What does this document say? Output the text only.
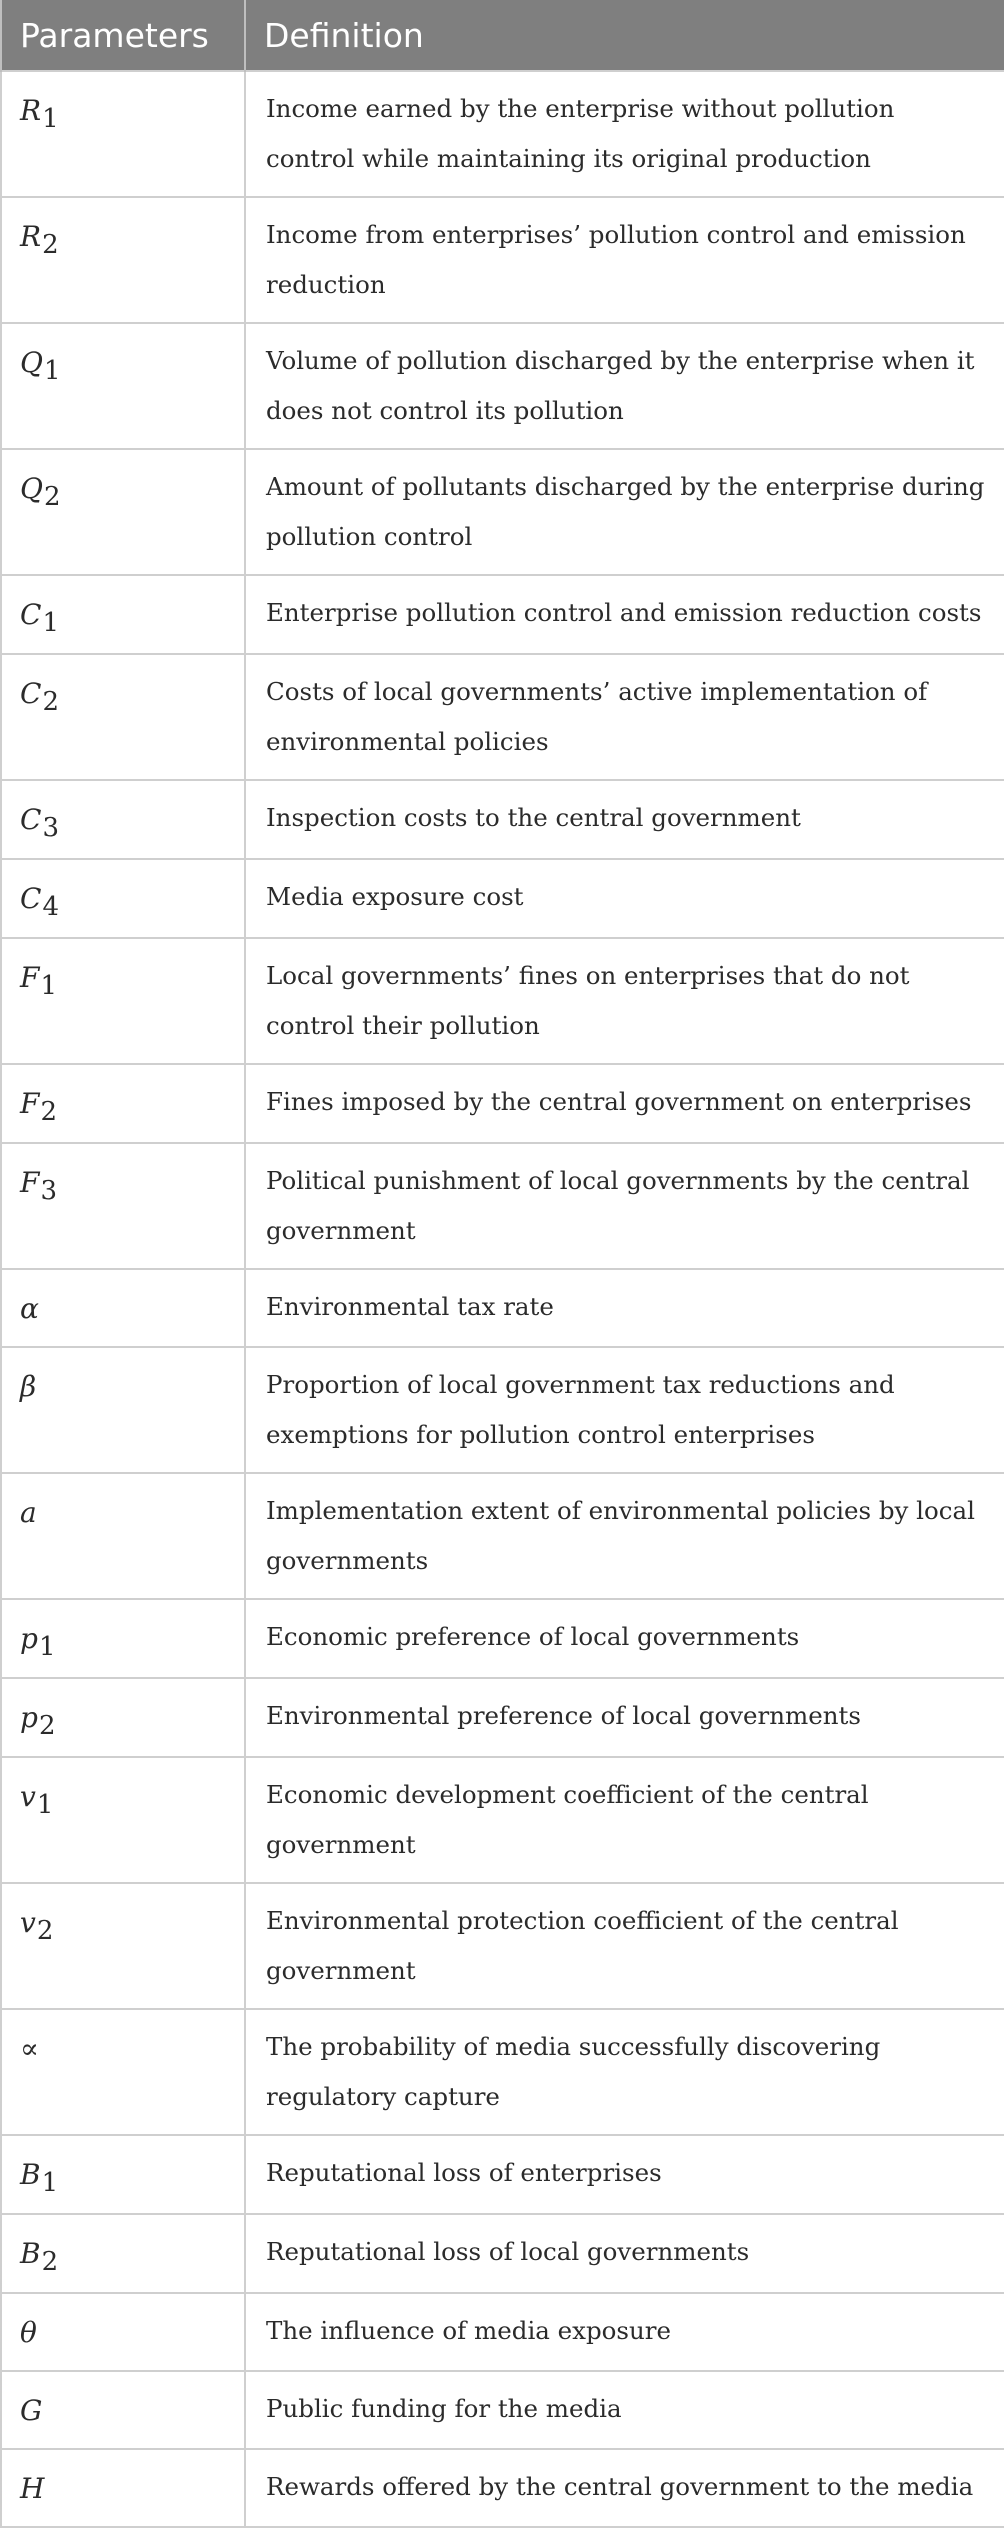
Parameters	Definition
R1	Income earned by the enterprise without pollution control while maintaining its original production
R2	Income from enterprises’ pollution control and emission reduction
Q1	Volume of pollution discharged by the enterprise when it does not control its pollution
Q2	Amount of pollutants discharged by the enterprise during pollution control
C1	Enterprise pollution control and emission reduction costs
C2	Costs of local governments’ active implementation of environmental policies
C3	Inspection costs to the central government
C4	Media exposure cost
F1	Local governments’ fines on enterprises that do not control their pollution
F2	Fines imposed by the central government on enterprises
F3	Political punishment of local governments by the central government
α	Environmental tax rate
β	Proportion of local government tax reductions and exemptions for pollution control enterprises
a	Implementation extent of environmental policies by local governments
p1	Economic preference of local governments
p2	Environmental preference of local governments
v1	Economic development coefficient of the central government
v2	Environmental protection coefficient of the central government
∝	The probability of media successfully discovering regulatory capture
B1	Reputational loss of enterprises
B2	Reputational loss of local governments
θ	The influence of media exposure
G	Public funding for the media
H	Rewards offered by the central government to the media
